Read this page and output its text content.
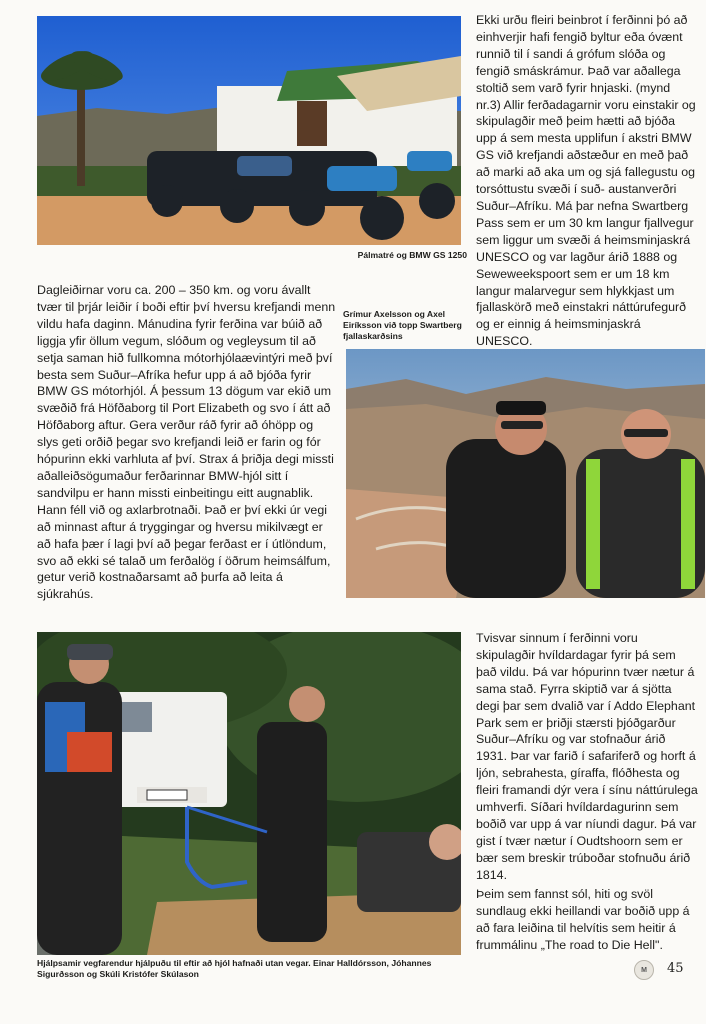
Pálmatré og BMW GS 1250

Ekki urðu fleiri beinbrot í ferðinni þó að einhverjir hafi fengið byltur eða óvænt runnið til í sandi á grófum slóða og fengið smáskrámur. Það var aðallega stoltið sem varð fyrir hnjaski. (mynd nr.3) Allir ferðadagarnir voru einstakir og skipulagðir með þeim hætti að bjóða upp á sem mesta upplifun í akstri BMW GS við krefjandi aðstæður en með það að marki að aka um og sjá fallegustu og torsóttustu svæði í suð- austanverðri Suður–Afríku. Má þar nefna Swartberg Pass sem er um 30 km langur fjallvegur sem liggur um svæði á heimsminjaskrá UNESCO og var lagður árið 1888 og Seweweekspoort sem er um 18 km langur malarvegur sem hlykkjast um fjallaskörð með einstakri náttúrufegurð og er einnig á heimsminjaskrá UNESCO.

Grímur Axelsson og Axel Eiríksson við topp Swartberg fjallaskarðsins

Dagleiðirnar voru ca. 200 – 350 km. og voru ávallt tvær til þrjár leiðir í boði eftir því hversu krefjandi menn vildu hafa daginn. Mánudina fyrir ferðina var búið að liggja yfir öllum vegum, slóðum og vegleysum til að setja saman hið fullkomna mótorhjólaævintýri með því besta sem Suður–Afríka hefur upp á að bjóða fyrir BMW GS mótorhjól. Á þessum 13 dögum var ekið um svæðið frá Höfðaborg til Port Elizabeth og svo í átt að Höfðaborg aftur. Gera verður ráð fyrir að óhöpp og slys geti orðið þegar svo krefjandi leið er farin og fór hópurinn ekki varhluta af því. Strax á þriðja degi missti aðalleiðsögumaður ferðarinnar BMW-hjól sitt í sandvilpu er hann missti einbeitingu eitt augnablik. Hann féll við og axlarbrotnaði. Það er því ekki úr vegi að minnast aftur á tryggingar og hversu mikilvægt er að hafa þær í lagi því að þegar ferðast er í útlöndum, svo að ekki sé talað um ferðalög í öðrum heimsálfum, getur verið kostnaðarsamt að þurfa að leita á sjúkrahús.

Hjálpsamir vegfarendur hjálpuðu til eftir að hjól hafnaði utan vegar. Einar Halldórsson, Jóhannes Sigurðsson og Skúli Kristófer Skúlason

Tvisvar sinnum í ferðinni voru skipulagðir hvíldardagar fyrir þá sem það vildu. Þá var hópurinn tvær nætur á sama stað. Fyrra skiptið var á sjötta degi þar sem dvalið var í Addo Elephant Park sem er þriðji stærsti þjóðgarður Suður–Afríku og var stofnaður árið 1931. Þar var farið í safariferð og horft á ljón, sebrahesta, gíraffa, flóðhesta og fleiri framandi dýr vera í sínu náttúrulega umhverfi. Síðari hvíldardagurinn sem boðið var upp á var níundi dagur. Þá var gist í tvær nætur í Oudtshoorn sem er bær sem breskir trúboðar stofnuðu árið 1814.

Þeim sem fannst sól, hiti og svöl sundlaug ekki heillandi var boðið upp á að fara leiðina til helvítis sem heitir á frummálinu „The road to Die Hell".

M 45
